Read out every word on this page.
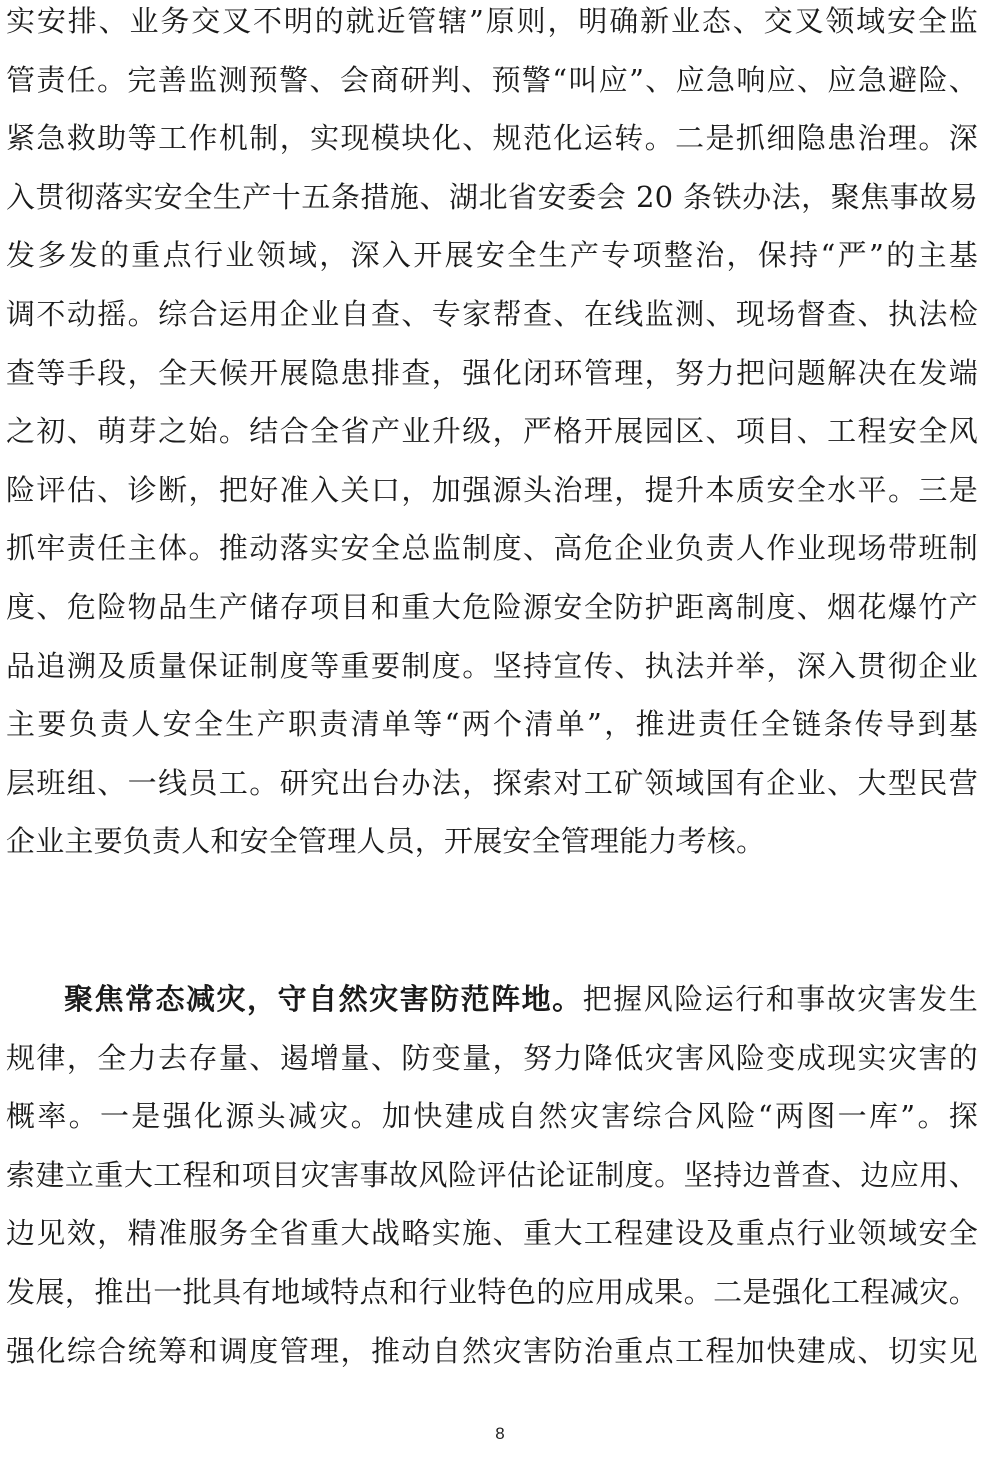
实安排、业务交叉不明的就近管辖”原则，明确新业态、交叉领域安全监
管责任。完善监测预警、会商研判、预警“叫应”、应急响应、应急避险、
紧急救助等工作机制，实现模块化、规范化运转。二是抓细隐患治理。深
入贯彻落实安全生产十五条措施、湖北省安委会 20 条铁办法，聚焦事故易
发多发的重点行业领域，深入开展安全生产专项整治，保持“严”的主基
调不动摇。综合运用企业自查、专家帮查、在线监测、现场督查、执法检
查等手段，全天候开展隐患排查，强化闭环管理，努力把问题解决在发端
之初、萌芽之始。结合全省产业升级，严格开展园区、项目、工程安全风
险评估、诊断，把好准入关口，加强源头治理，提升本质安全水平。三是
抓牢责任主体。推动落实安全总监制度、高危企业负责人作业现场带班制
度、危险物品生产储存项目和重大危险源安全防护距离制度、烟花爆竹产
品追溯及质量保证制度等重要制度。坚持宣传、执法并举，深入贯彻企业
主要负责人安全生产职责清单等“两个清单”，推进责任全链条传导到基
层班组、一线员工。研究出台办法，探索对工矿领域国有企业、大型民营
企业主要负责人和安全管理人员，开展安全管理能力考核。
聚焦常态减灾，守自然灾害防范阵地。把握风险运行和事故灾害发生
规律，全力去存量、遏增量、防变量，努力降低灾害风险变成现实灾害的
概率。一是强化源头减灾。加快建成自然灾害综合风险“两图一库”。探
索建立重大工程和项目灾害事故风险评估论证制度。坚持边普查、边应用、
边见效，精准服务全省重大战略实施、重大工程建设及重点行业领域安全
发展，推出一批具有地域特点和行业特色的应用成果。二是强化工程减灾。
强化综合统筹和调度管理，推动自然灾害防治重点工程加快建成、切实见
8
